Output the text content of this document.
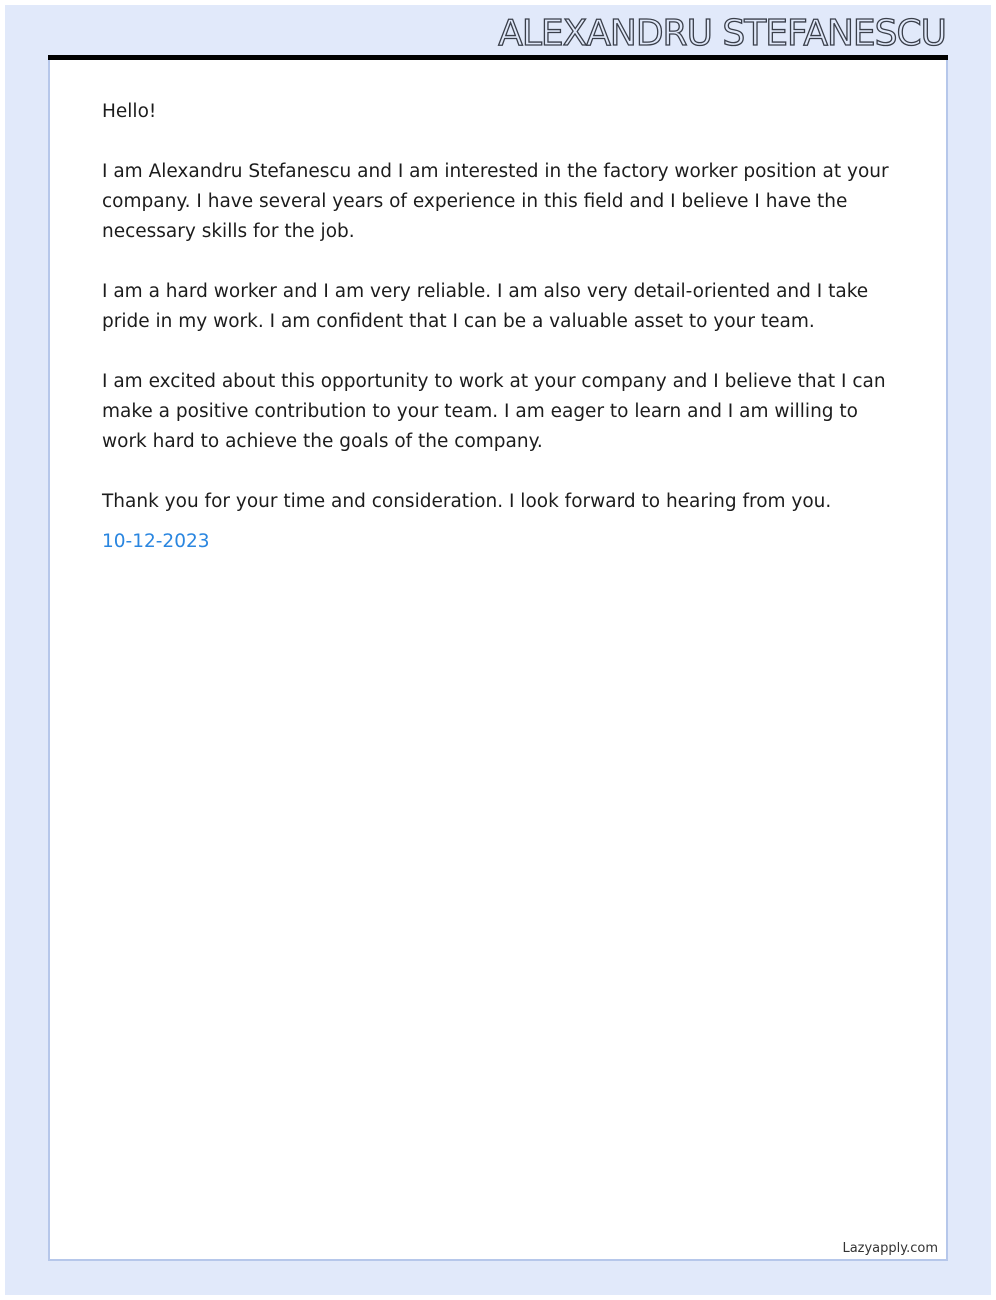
ALEXANDRU STEFANESCU

Hello!

I am Alexandru Stefanescu and I am interested in the factory worker position at your company. I have several years of experience in this field and I believe I have the necessary skills for the job.

I am a hard worker and I am very reliable. I am also very detail-oriented and I take pride in my work. I am confident that I can be a valuable asset to your team.

I am excited about this opportunity to work at your company and I believe that I can make a positive contribution to your team. I am eager to learn and I am willing to work hard to achieve the goals of the company.

Thank you for your time and consideration. I look forward to hearing from you.

10-12-2023
Lazyapply.com
